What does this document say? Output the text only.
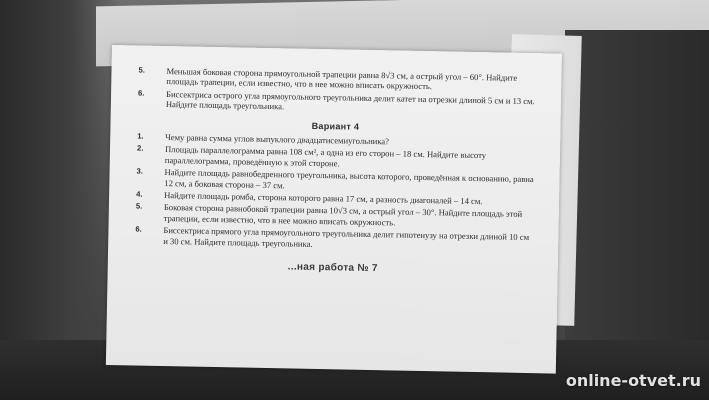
5. Меньшая боковая сторона прямоугольной трапеции равна 8√3 см, а острый угол – 60°. Найдите площадь трапеции, если известно, что в нее можно вписать окружность.
6. Биссектриса острого угла прямоугольного треугольника делит катет на отрезки длиной 5 см и 13 см. Найдите площадь треугольника.
Вариант 4
1. Чему равна сумма углов выпуклого двадцатисемиугольника?
2. Площадь параллелограмма равна 108 см², а одна из его сторон – 18 см. Найдите высоту параллелограмма, проведённую к этой стороне.
3. Найдите площадь равнобедренного треугольника, высота которого, проведённая к основанию, равна 12 см, а боковая сторона – 37 см.
4. Найдите площадь ромба, сторона которого равна 17 см, а разность диагоналей – 14 см.
5. Боковая сторона равнобокой трапеции равна 10√3 см, а острый угол – 30°. Найдите площадь этой трапеции, если известно, что в нее можно вписать окружность.
6. Биссектриса прямого угла прямоугольного треугольника делит гипотенузу на отрезки длиной 10 см и 30 см. Найдите площадь треугольника.
...ная работа № 7
online-otvet.ru
